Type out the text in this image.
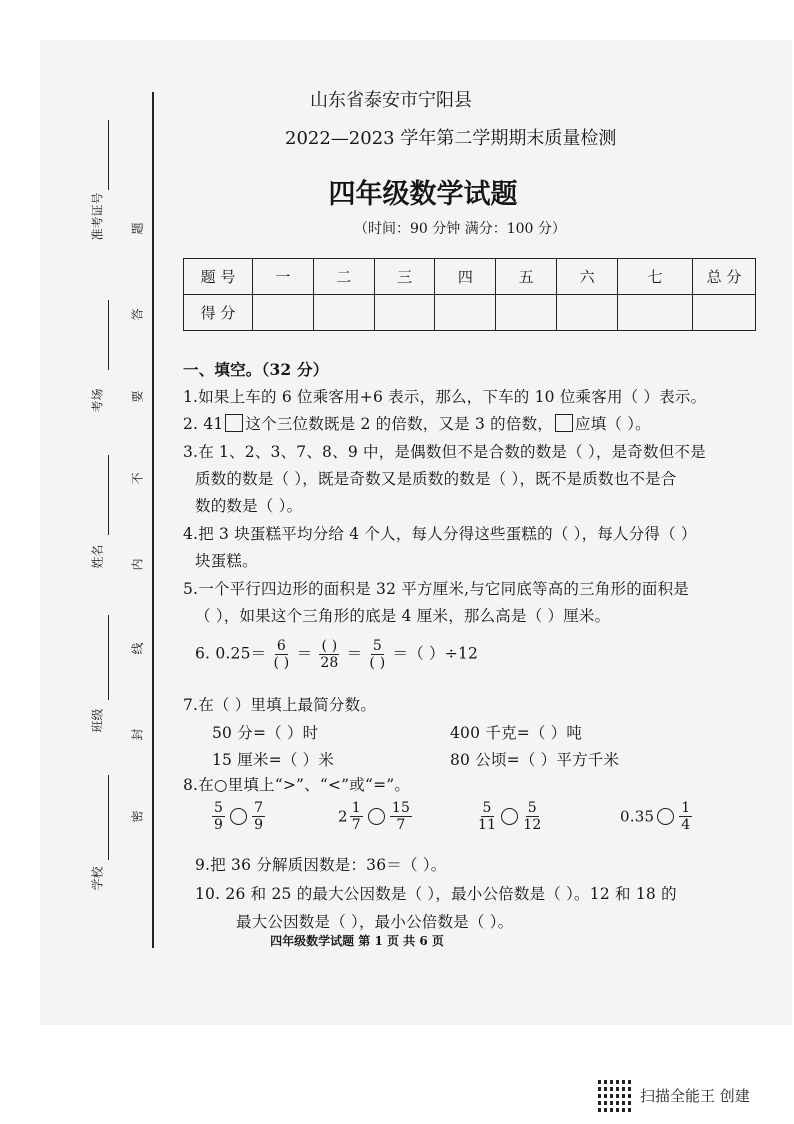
准考证号
考场
姓名
班级
学校
题
答
要
不
内
线
封
密
山东省泰安市宁阳县
2022—2023 学年第二学期期末质量检测
四年级数学试题
（时间：90 分钟 满分：100 分）
题 号	一	二	三	四	五	六	七	总 分
得 分								
一、填空。（32 分）
1.如果上车的 6 位乘客用+6 表示，那么，下车的 10 位乘客用（ ）表示。
2. 41 这个三位数既是 2 的倍数，又是 3 的倍数， 应填（ ）。
3.在 1、2、3、7、8、9 中，是偶数但不是合数的数是（ ），是奇数但不是
质数的数是（ ），既是奇数又是质数的数是（ ），既不是质数也不是合
数的数是（ ）。
4.把 3 块蛋糕平均分给 4 个人，每人分得这些蛋糕的（ ），每人分得（ ）
块蛋糕。
5.一个平行四边形的面积是 32 平方厘米,与它同底等高的三角形的面积是
（ ），如果这个三角形的底是 4 厘米，那么高是（ ）厘米。
6. $0.25= \frac{6}{( )} = \frac{( )}{28} = \frac{5}{( )}$ ＝（ ）÷12
7.在（ ）里填上最简分数。
50 分=（ ）时	400 千克=（ ）吨
15 厘米=（ ）米	80 公顷=（ ）平方千米
8.在○里填上“>”、“<”或“=”。
$\frac{5}{9} \frac{7}{9}$	$2 \frac{1}{7} \frac{15}{7}$	$\frac{5}{11} \frac{5}{12}$	$0.35 \frac{1}{4}$
9.把 36 分解质因数是：36＝（ ）。
10. 26 和 25 的最大公因数是（ ），最小公倍数是（ ）。12 和 18 的
最大公因数是（ ），最小公倍数是（ ）。
四年级数学试题 第 1 页 共 6 页
扫描全能王 创建
